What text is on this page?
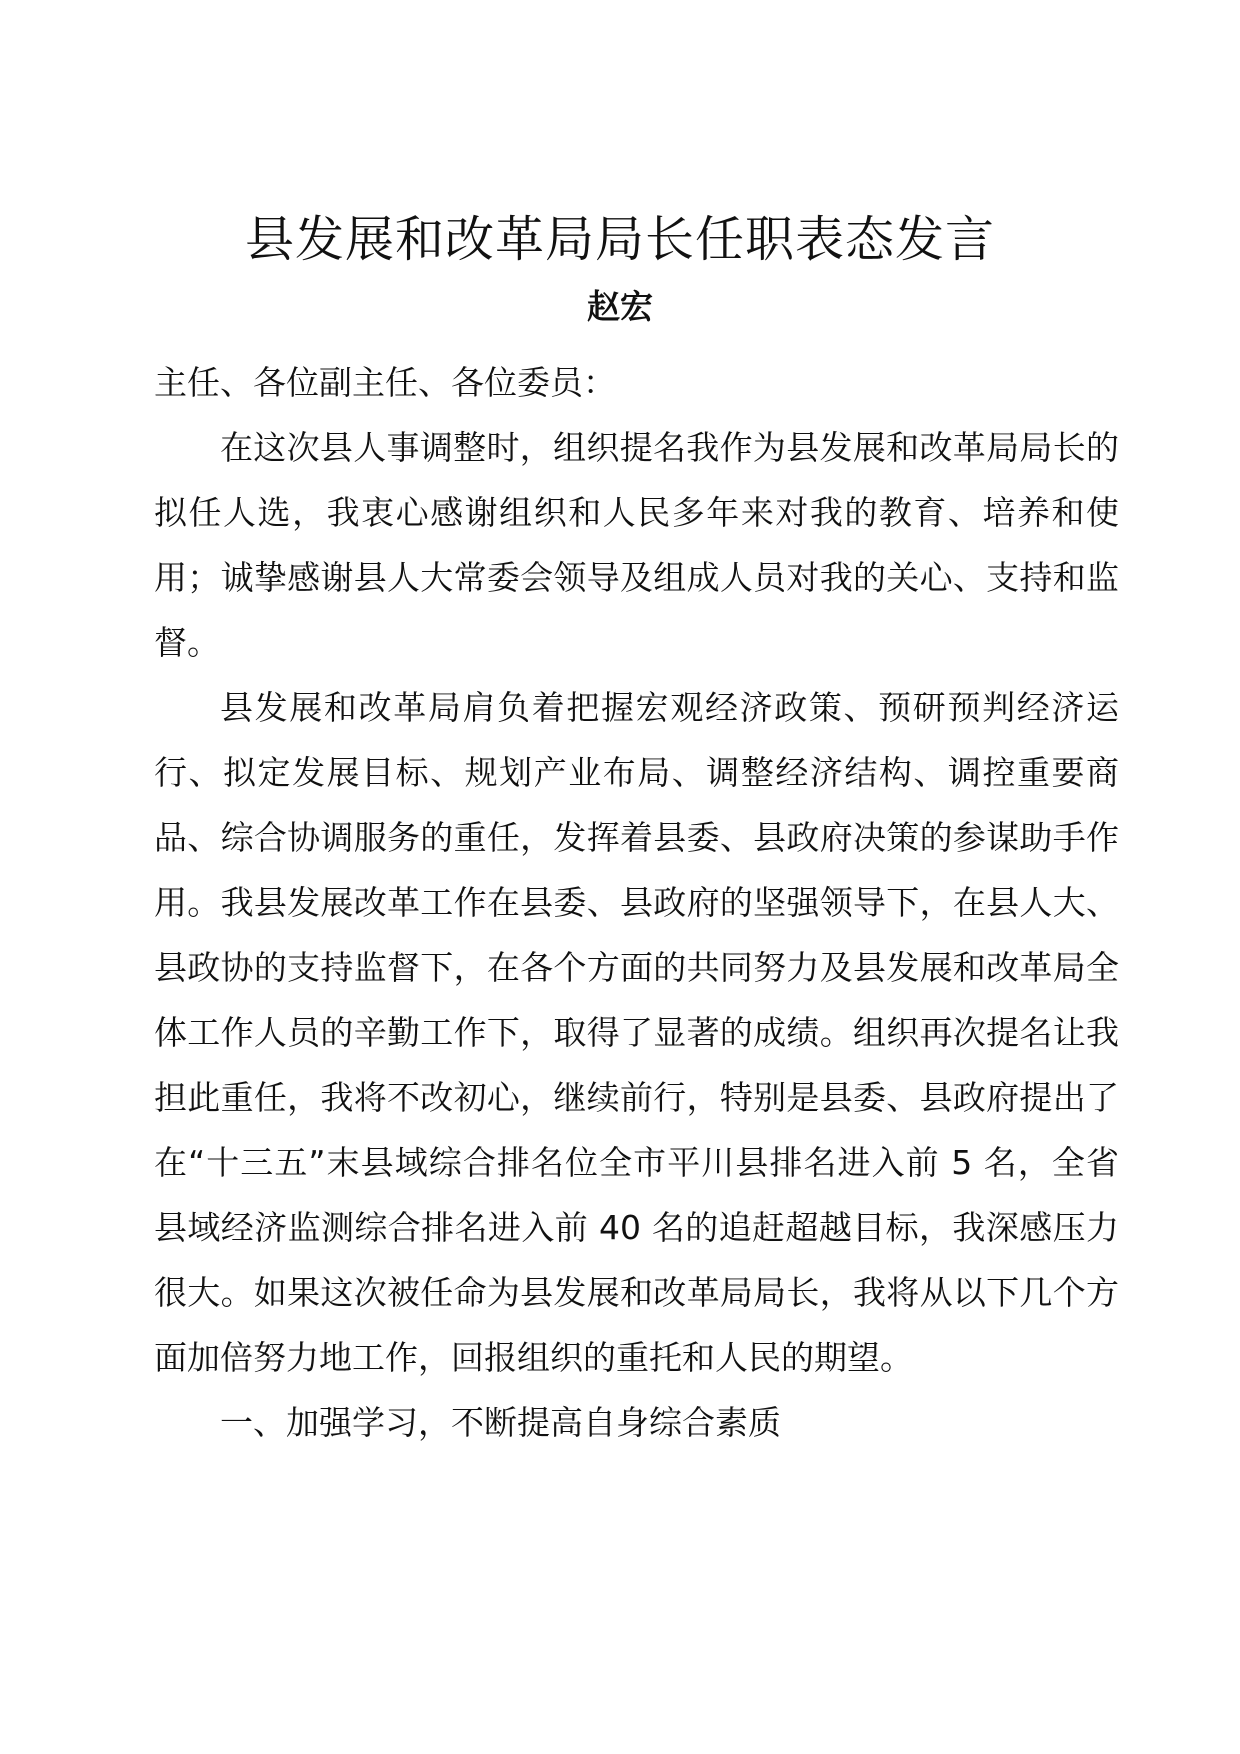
县发展和改革局局长任职表态发言
赵宏

主任、各位副主任、各位委员：

在这次县人事调整时，组织提名我作为县发展和改革局局长的拟任人选，我衷心感谢组织和人民多年来对我的教育、培养和使用；诚挚感谢县人大常委会领导及组成人员对我的关心、支持和监督。

县发展和改革局肩负着把握宏观经济政策、预研预判经济运行、拟定发展目标、规划产业布局、调整经济结构、调控重要商品、综合协调服务的重任，发挥着县委、县政府决策的参谋助手作用。我县发展改革工作在县委、县政府的坚强领导下，在县人大、县政协的支持监督下，在各个方面的共同努力及县发展和改革局全体工作人员的辛勤工作下，取得了显著的成绩。组织再次提名让我担此重任，我将不改初心，继续前行，特别是县委、县政府提出了在“十三五”末县域综合排名位全市平川县排名进入前 5 名，全省县域经济监测综合排名进入前 40 名的追赶超越目标，我深感压力很大。如果这次被任命为县发展和改革局局长，我将从以下几个方面加倍努力地工作，回报组织的重托和人民的期望。

一、加强学习，不断提高自身综合素质
